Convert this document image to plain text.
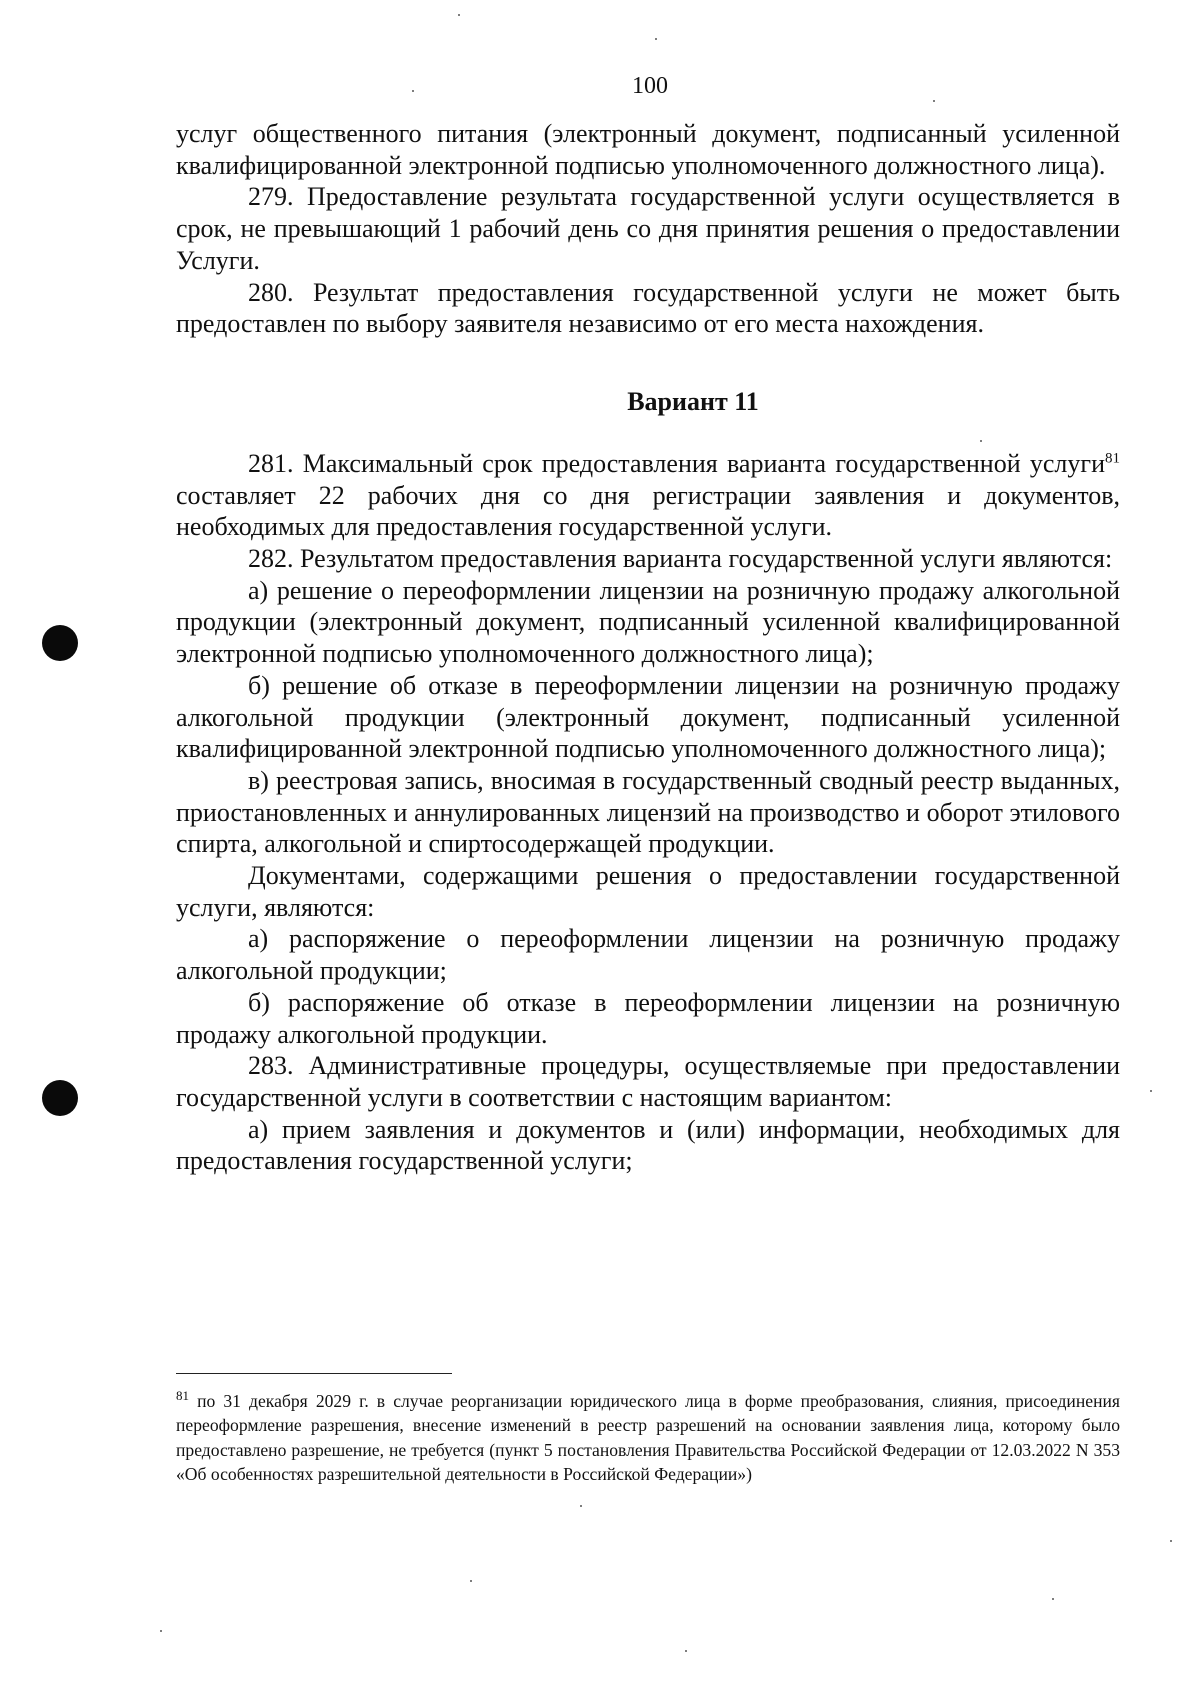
100

услуг общественного питания (электронный документ, подписанный усиленной квалифицированной электронной подписью уполномоченного должностного лица).

279. Предоставление результата государственной услуги осуществляется в срок, не превышающий 1 рабочий день со дня принятия решения о предоставлении Услуги.

280. Результат предоставления государственной услуги не может быть предоставлен по выбору заявителя независимо от его места нахождения.

Вариант 11

281. Максимальный срок предоставления варианта государственной услуги$^{81}$ составляет 22 рабочих дня со дня регистрации заявления и документов, необходимых для предоставления государственной услуги.

282. Результатом предоставления варианта государственной услуги являются:

а) решение о переоформлении лицензии на розничную продажу алкогольной продукции (электронный документ, подписанный усиленной квалифицированной электронной подписью уполномоченного должностного лица);

б) решение об отказе в переоформлении лицензии на розничную продажу алкогольной продукции (электронный документ, подписанный усиленной квалифицированной электронной подписью уполномоченного должностного лица);

в) реестровая запись, вносимая в государственный сводный реестр выданных, приостановленных и аннулированных лицензий на производство и оборот этилового спирта, алкогольной и спиртосодержащей продукции.

Документами, содержащими решения о предоставлении государственной услуги, являются:

а) распоряжение о переоформлении лицензии на розничную продажу алкогольной продукции;

б) распоряжение об отказе в переоформлении лицензии на розничную продажу алкогольной продукции.

283. Административные процедуры, осуществляемые при предоставлении государственной услуги в соответствии с настоящим вариантом:

а) прием заявления и документов и (или) информации, необходимых для предоставления государственной услуги;

$^{81}$ по 31 декабря 2029 г. в случае реорганизации юридического лица в форме преобразования, слияния, присоединения переоформление разрешения, внесение изменений в реестр разрешений на основании заявления лица, которому было предоставлено разрешение, не требуется (пункт 5 постановления Правительства Российской Федерации от 12.03.2022 N 353 «Об особенностях разрешительной деятельности в Российской Федерации»)
